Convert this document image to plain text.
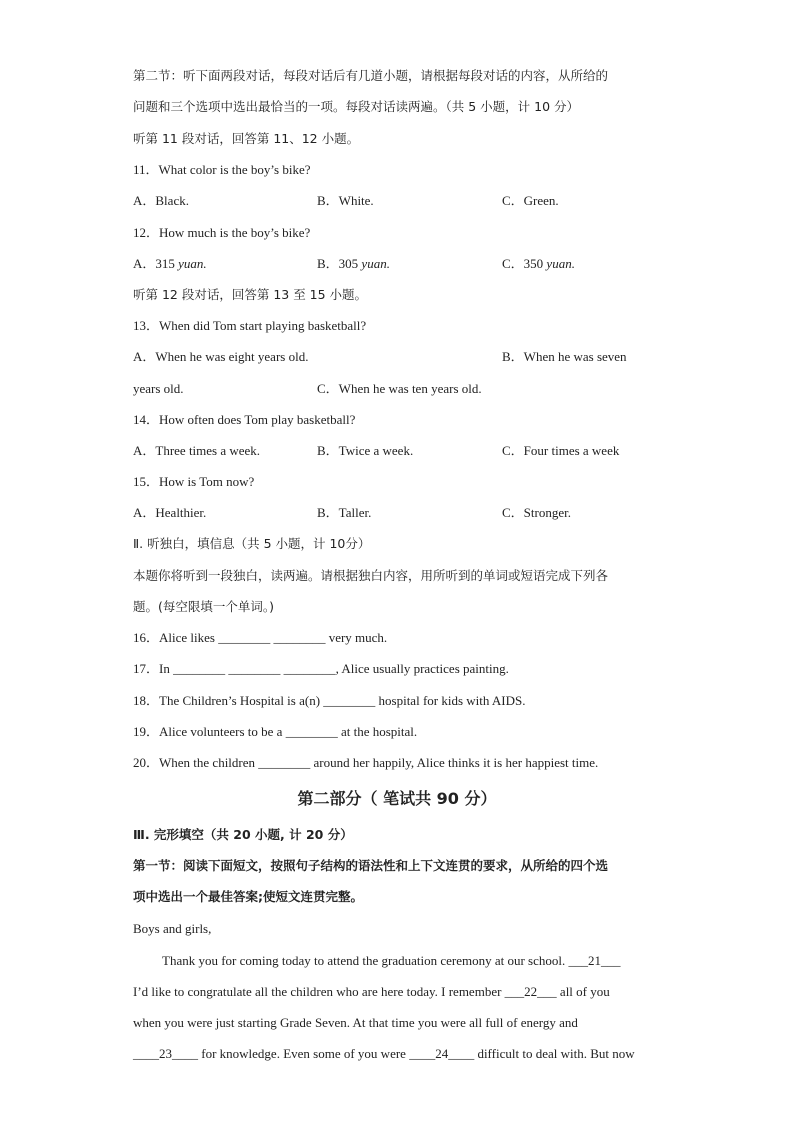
第二节：听下面两段对话，每段对话后有几道小题，请根据每段对话的内容，从所给的
问题和三个选项中选出最恰当的一项。每段对话读两遍。（共 5 小题，计 10 分）
听第 11 段对话，回答第 11、12 小题。
11．What color is the boy’s bike?
A．Black.	B．White.	C．Green.
12．How much is the boy’s bike?
A．315 yuan.	B．305 yuan.	C．350 yuan.
听第 12 段对话，回答第 13 至 15 小题。
13．When did Tom start playing basketball?
A．When he was eight years old.	B．When he was seven
years old.	C．When he was ten years old.
14．How often does Tom play basketball?
A．Three times a week.	B．Twice a week.	C．Four times a week
15．How is Tom now?
A．Healthier.	B．Taller.	C．Stronger.
Ⅱ. 听独白，填信息（共 5 小题，计 10分）
本题你将听到一段独白，读两遍。请根据独白内容，用所听到的单词或短语完成下列各
题。(每空限填一个单词。)
16．Alice likes ________ ________ very much.
17．In ________ ________ ________, Alice usually practices painting.
18．The Children’s Hospital is a(n) ________ hospital for kids with AIDS.
19．Alice volunteers to be a ________ at the hospital.
20．When the children ________ around her happily, Alice thinks it is her happiest time.
第二部分（ 笔试共 90 分）
Ⅲ. 完形填空（共 20 小题, 计 20 分）
第一节：阅读下面短文，按照句子结构的语法性和上下文连贯的要求，从所给的四个选
项中选出一个最佳答案;使短文连贯完整。
Boys and girls,
Thank you for coming today to attend the graduation ceremony at our school. ___21___
I’d like to congratulate all the children who are here today. I remember ___22___ all of you
when you were just starting Grade Seven. At that time you were all full of energy and
____23____ for knowledge. Even some of you were ____24____ difficult to deal with. But now
